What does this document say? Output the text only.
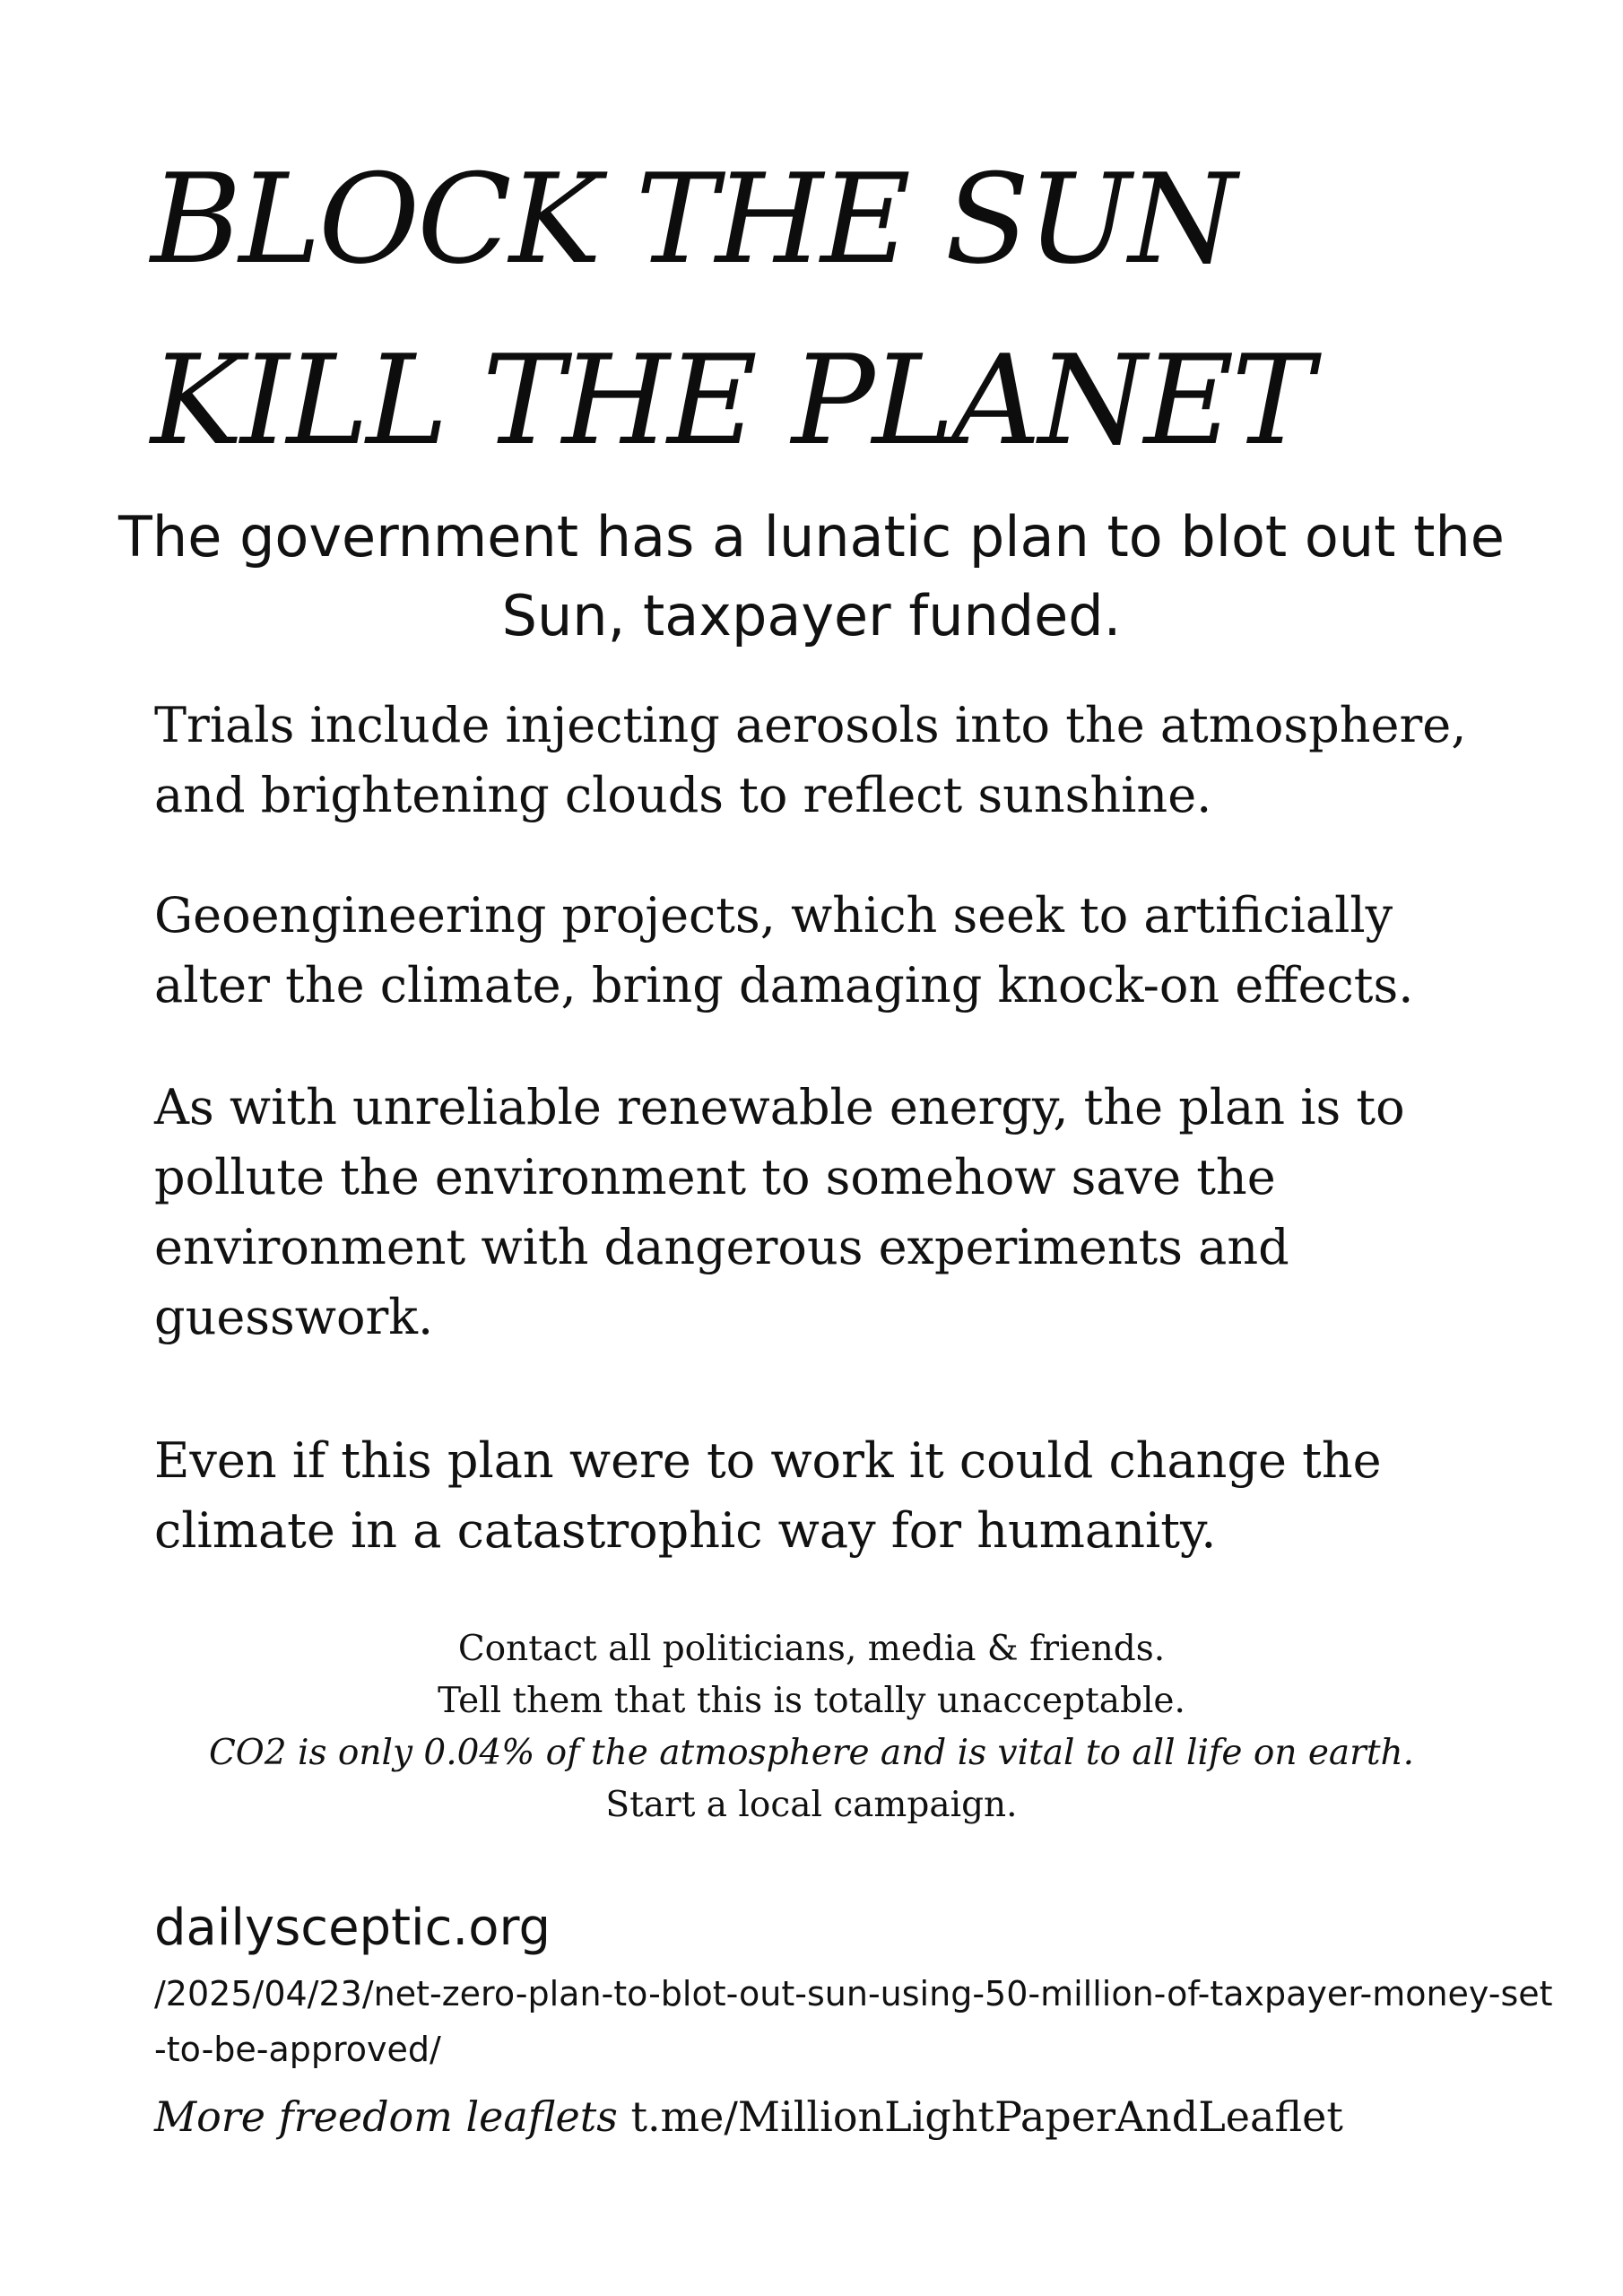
BLOCK THE SUN
KILL THE PLANET
The government has a lunatic plan to blot out the Sun, taxpayer funded.

Trials include injecting aerosols into the atmosphere, and brightening clouds to reflect sunshine.

Geoengineering projects, which seek to artificially alter the climate, bring damaging knock-on effects.

As with unreliable renewable energy, the plan is to pollute the environment to somehow save the environment with dangerous experiments and guesswork.

Even if this plan were to work it could change the climate in a catastrophic way for humanity.

Contact all politicians, media & friends.
Tell them that this is totally unacceptable.
CO2 is only 0.04% of the atmosphere and is vital to all life on earth.
Start a local campaign.
dailysceptic.org
/2025/04/23/net-zero-plan-to-blot-out-sun-using-50-million-of-taxpayer-money-set-to-be-approved/
More freedom leaflets t.me/MillionLightPaperAndLeaflet
